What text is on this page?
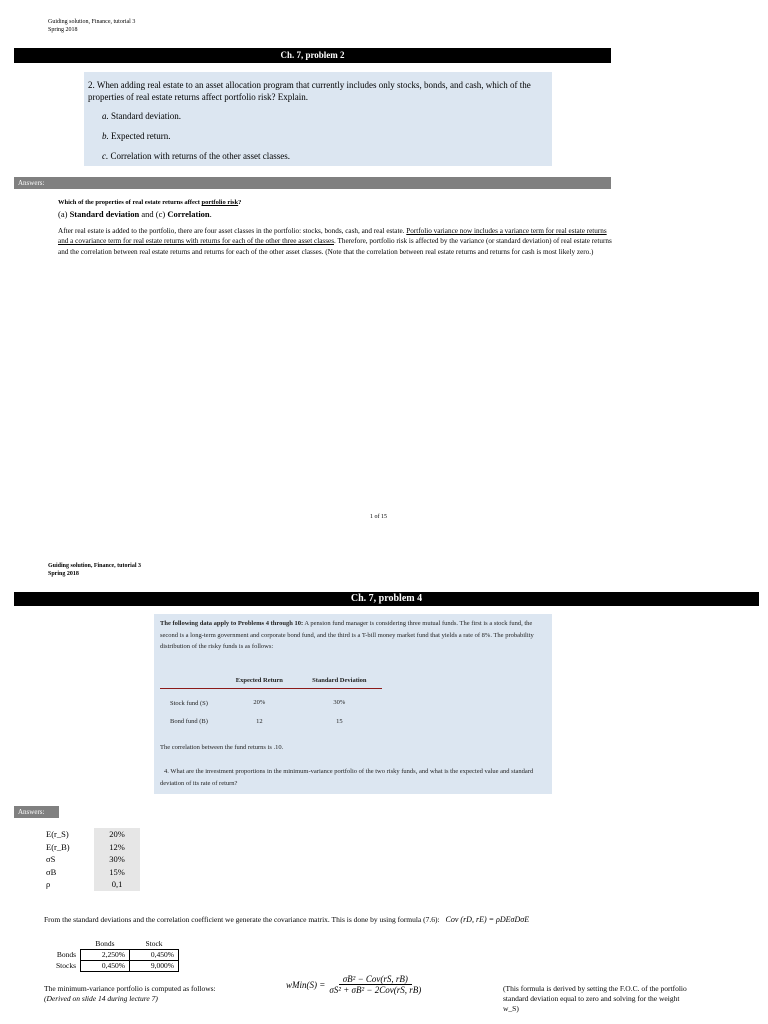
Guiding solution, Finance, tutorial 3
Spring 2018
Ch. 7, problem 2
2. When adding real estate to an asset allocation program that currently includes only stocks, bonds, and cash, which of the properties of real estate returns affect portfolio risk? Explain.
a. Standard deviation.
b. Expected return.
c. Correlation with returns of the other asset classes.
Answers:
Which of the properties of real estate returns affect portfolio risk?
(a) Standard deviation and (c) Correlation.
After real estate is added to the portfolio, there are four asset classes in the portfolio: stocks, bonds, cash, and real estate. Portfolio variance now includes a variance term for real estate returns and a covariance term for real estate returns with returns for each of the other three asset classes. Therefore, portfolio risk is affected by the variance (or standard deviation) of real estate returns and the correlation between real estate returns and returns for each of the other asset classes. (Note that the correlation between real estate returns and returns for cash is most likely zero.)
1 of 15
Guiding solution, Finance, tutorial 3
Spring 2018
Ch. 7, problem 4
The following data apply to Problems 4 through 10: A pension fund manager is considering three mutual funds. The first is a stock fund, the second is a long-term government and corporate bond fund, and the third is a T-bill money market fund that yields a rate of 8%. The probability distribution of the risky funds is as follows:
	Expected Return	Standard Deviation
Stock fund (S)	20%	30%
Bond fund (B)	12	15
The correlation between the fund returns is .10.
4. What are the investment proportions in the minimum-variance portfolio of the two risky funds, and what is the expected value and standard deviation of its rate of return?
Answers:
E(r_S)	20%
E(r_B)	12%
σS	30%
σB	15%
ρ	0,1
From the standard deviations and the correlation coefficient we generate the covariance matrix. This is done by using formula (7.6): Cov (rD, rE) = ρDEσDσE
	Bonds	Stock
Bonds	2,250%	0,450%
Stocks	0,450%	9,000%
The minimum-variance portfolio is computed as follows:
(Derived on slide 14 during lecture 7)
wMin(S) = $\frac{\text{σB² − Cov(rS, rB)}}{\text{σS² + σB² − 2Cov(rS, rB)}}$	(This formula is derived by setting the F.O.C. of the portfolio standard deviation equal to zero and solving for the weight w_S)
